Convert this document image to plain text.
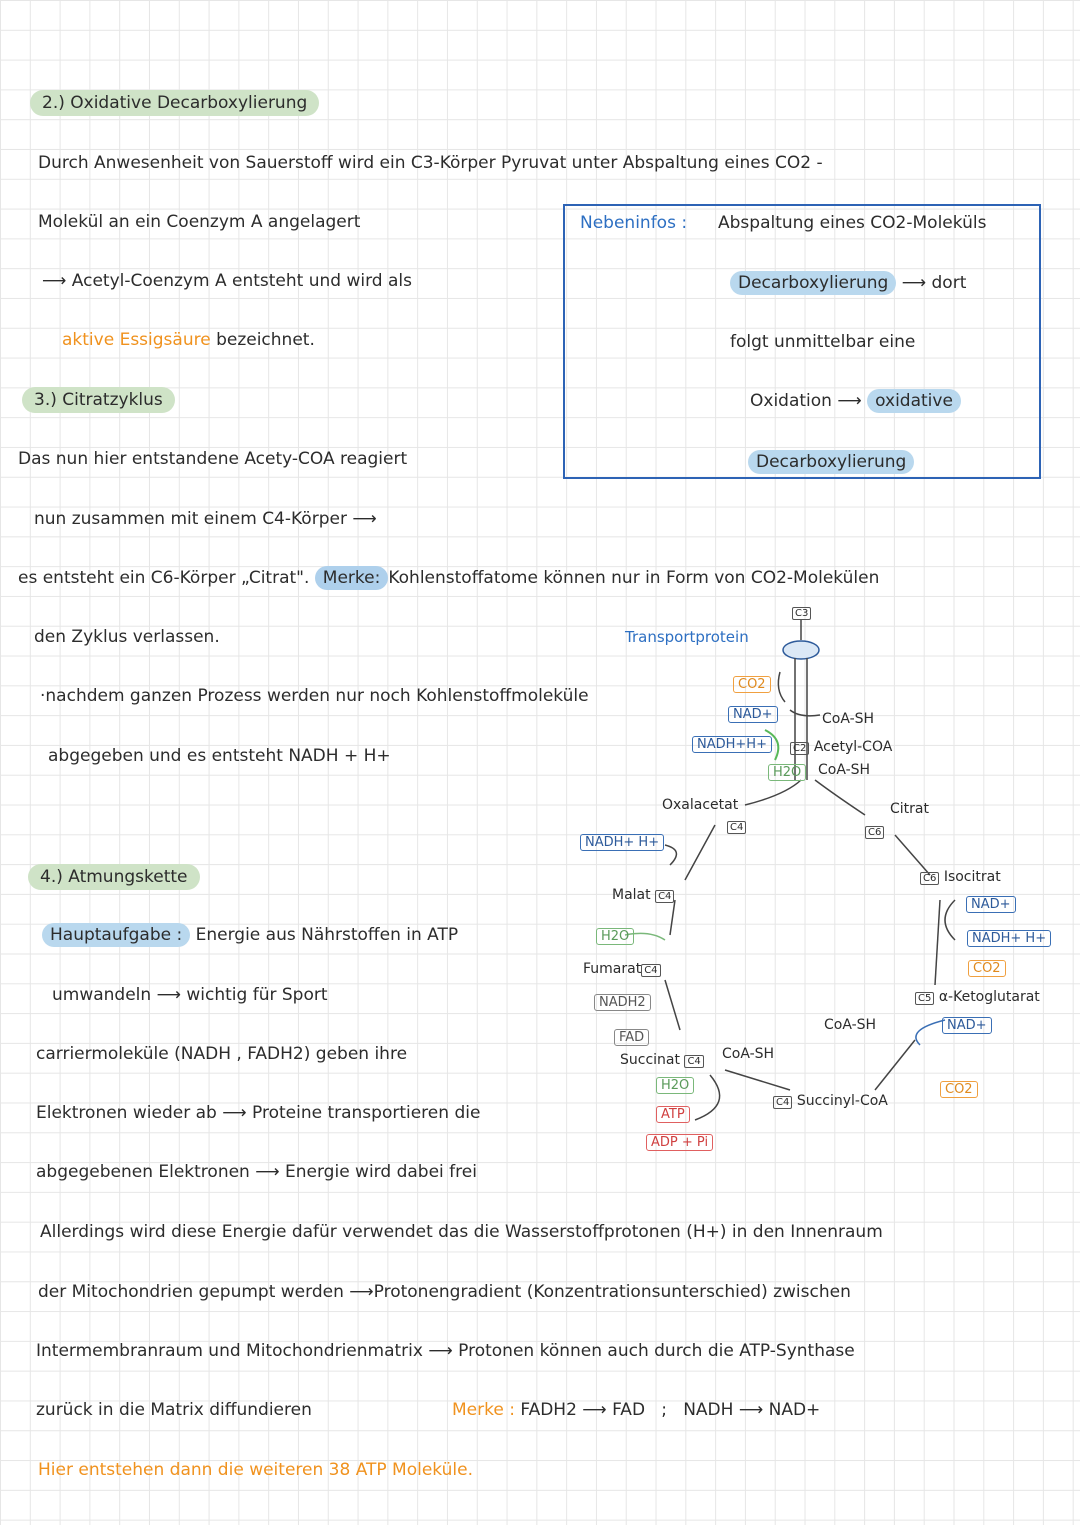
2.) Oxidative Decarboxylierung
Durch Anwesenheit von Sauerstoff wird ein C3-Körper Pyruvat unter Abspaltung eines CO2 -
Molekül an ein Coenzym A angelagert
⟶ Acetyl-Coenzym A entsteht und wird als
aktive Essigsäure bezeichnet.
Nebeninfos : Abspaltung eines CO2-Moleküls
Decarboxylierung ⟶ dort
folgt unmittelbar eine
Oxidation ⟶ oxidative
Decarboxylierung
3.) Citratzyklus
Das nun hier entstandene Acety-COA reagiert
nun zusammen mit einem C4-Körper ⟶
es entsteht ein C6-Körper „Citrat". Merke: Kohlenstoffatome können nur in Form von CO2-Molekülen
den Zyklus verlassen.
·nachdem ganzen Prozess werden nur noch Kohlenstoffmoleküle
abgegeben und es entsteht NADH + H+
C3
Transportprotein
CO2
NAD+	CoA-SH
NADH+H+	C2 Acetyl-COA
CoA-SH
H2O
Oxalacetat
C4
Citrat
C6
NADH+ H+
Malat C4
C6 Isocitrat
NAD+
H2O	NADH+ H+
Fumarat C4	CO2
NADH2	C5 α-Ketoglutarat
CoA-SH	NAD+
FAD
Succinat C4 CoA-SH
H2O	CO2
C4 Succinyl-CoA
ATP
ADP + Pi
4.) Atmungskette
Hauptaufgabe : Energie aus Nährstoffen in ATP
umwandeln ⟶ wichtig für Sport
carriermoleküle (NADH , FADH2) geben ihre
Elektronen wieder ab ⟶ Proteine transportieren die
abgegebenen Elektronen ⟶ Energie wird dabei frei
Allerdings wird diese Energie dafür verwendet das die Wasserstoffprotonen (H+) in den Innenraum
der Mitochondrien gepumpt werden ⟶Protonengradient (Konzentrationsunterschied) zwischen
Intermembranraum und Mitochondrienmatrix ⟶ Protonen können auch durch die ATP-Synthase
zurück in die Matrix diffundieren	Merke : FADH2 ⟶ FAD ; NADH ⟶ NAD+
Hier entstehen dann die weiteren 38 ATP Moleküle.
